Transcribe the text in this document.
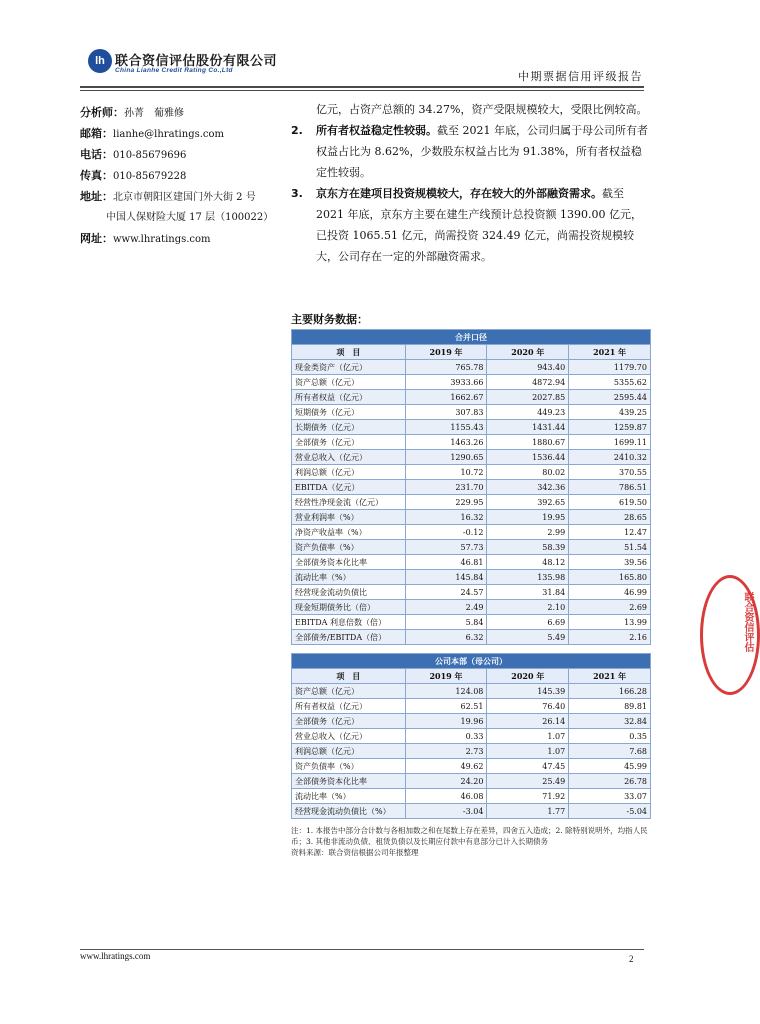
lh 联合资信评估股份有限公司
China Lianhe Credit Rating Co.,Ltd	中期票据信用评级报告
分析师：孙菁　葡雅修
邮箱：lianhe@lhratings.com
电话：010-85679696
传真：010-85679228
地址：北京市朝阳区建国门外大街 2 号
中国人保财险大厦 17 层（100022）
网址：www.lhratings.com
亿元，占资产总额的 34.27%，资产受限规模较大，受限比例较高。
2. 所有者权益稳定性较弱。截至 2021 年底，公司归属于母公司所有者权益占比为 8.62%，少数股东权益占比为 91.38%，所有者权益稳定性较弱。
3. 京东方在建项目投资规模较大，存在较大的外部融资需求。截至 2021 年底，京东方主要在建生产线预计总投资额 1390.00 亿元，已投资 1065.51 亿元，尚需投资 324.49 亿元，尚需投资规模较大，公司存在一定的外部融资需求。
主要财务数据：
合并口径			
项　目	2019 年	2020 年	2021 年
现金类资产（亿元）	765.78	943.40	1179.70
资产总额（亿元）	3933.66	4872.94	5355.62
所有者权益（亿元）	1662.67	2027.85	2595.44
短期债务（亿元）	307.83	449.23	439.25
长期债务（亿元）	1155.43	1431.44	1259.87
全部债务（亿元）	1463.26	1880.67	1699.11
营业总收入（亿元）	1290.65	1536.44	2410.32
利润总额（亿元）	10.72	80.02	370.55
EBITDA（亿元）	231.70	342.36	786.51
经营性净现金流（亿元）	229.95	392.65	619.50
营业利润率（%）	16.32	19.95	28.65
净资产收益率（%）	-0.12	2.99	12.47
资产负债率（%）	57.73	58.39	51.54
全部债务资本化比率	46.81	48.12	39.56
流动比率（%）	145.84	135.98	165.80
经营现金流动负债比	24.57	31.84	46.99
现金短期债务比（倍）	2.49	2.10	2.69
EBITDA 利息倍数（倍）	5.84	6.69	13.99
全部债务/EBITDA（倍）	6.32	5.49	2.16
公司本部（母公司）			
项　目	2019 年	2020 年	2021 年
资产总额（亿元）	124.08	145.39	166.28
所有者权益（亿元）	62.51	76.40	89.81
全部债务（亿元）	19.96	26.14	32.84
营业总收入（亿元）	0.33	1.07	0.35
利润总额（亿元）	2.73	1.07	7.68
资产负债率（%）	49.62	47.45	45.99
全部债务资本化比率	24.20	25.49	26.78
流动比率（%）	46.08	71.92	33.07
经营现金流动负债比（%）	-3.04	1.77	-5.04
注：1. 本报告中部分合计数与各相加数之和在尾数上存在差异，四舍五入造成；2. 除特别说明外，均指人民币；3. 其他非流动负债、租赁负债以及长期应付款中有息部分已计入长期债务
资料来源：联合资信根据公司年报整理
联合资信评估
www.lhratings.com	2
